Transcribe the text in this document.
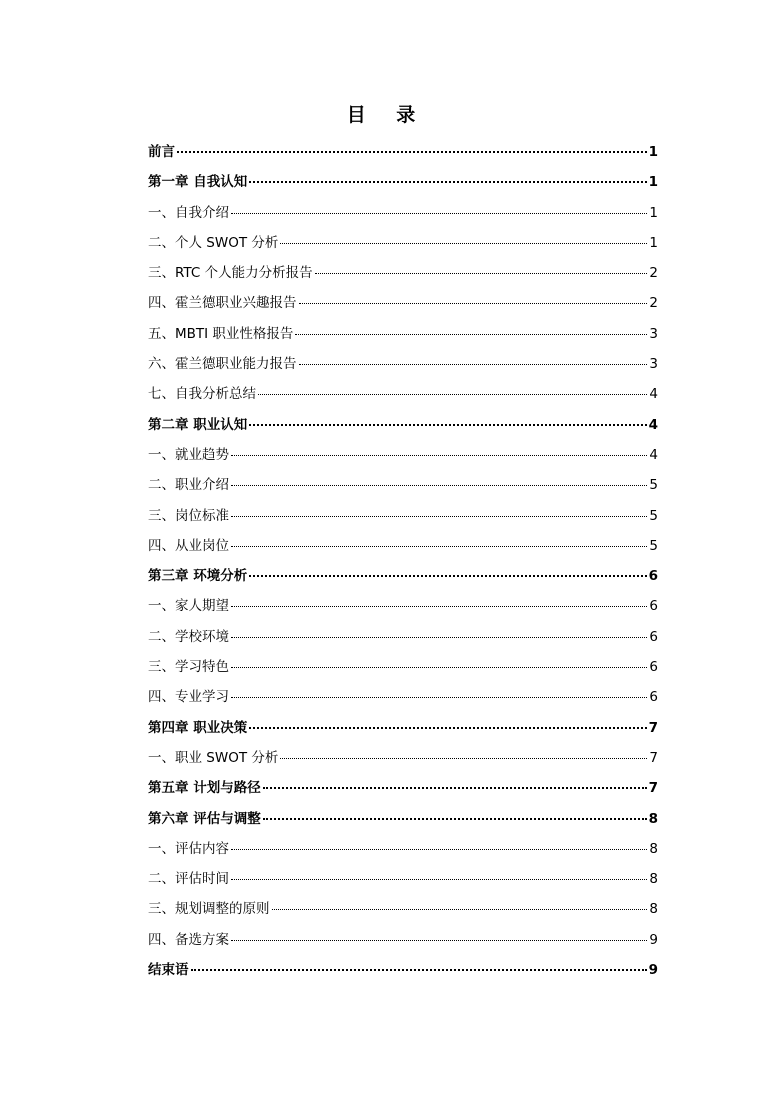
目 录
前言	1
第一章 自我认知	1
一、自我介绍	1
二、个人 SWOT 分析	1
三、RTC 个人能力分析报告	2
四、霍兰德职业兴趣报告	2
五、MBTI 职业性格报告	3
六、霍兰德职业能力报告	3
七、自我分析总结	4
第二章 职业认知	4
一、就业趋势	4
二、职业介绍	5
三、岗位标准	5
四、从业岗位	5
第三章 环境分析	6
一、家人期望	6
二、学校环境	6
三、学习特色	6
四、专业学习	6
第四章 职业决策	7
一、职业 SWOT 分析	7
第五章 计划与路径	7
第六章 评估与调整	8
一、评估内容	8
二、评估时间	8
三、规划调整的原则	8
四、备选方案	9
结束语	9
